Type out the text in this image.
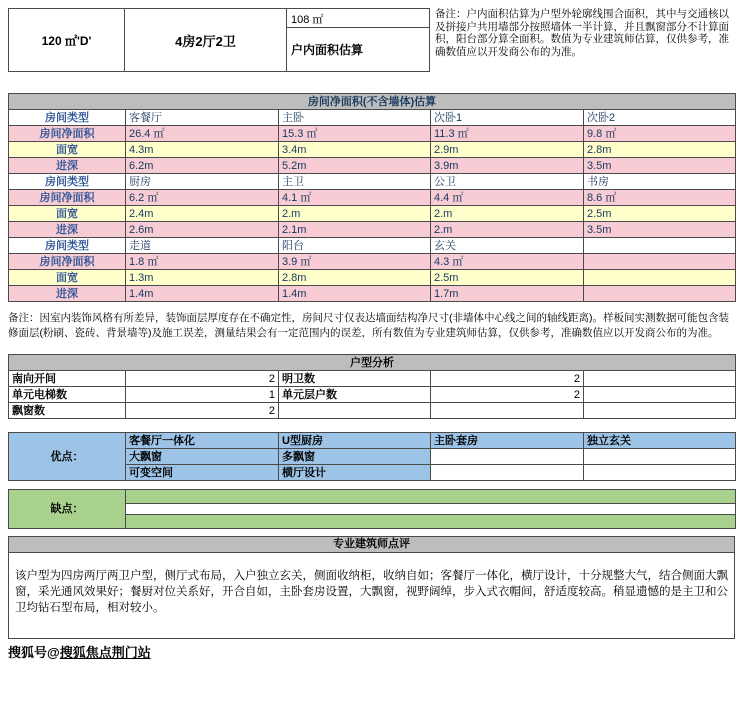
120 ㎡'D'	4房2厅2卫
108 ㎡
户内面积估算
备注：户内面积估算为户型外轮廓线围合面积，其中与交通核以及拼接户共用墙部分按照墙体一半计算，并且飘窗部分不计算面积，阳台部分算全面积。数值为专业建筑师估算，仅供参考，准确数值应以开发商公布的为准。
房间净面积(不含墙体)估算				
房间类型	客餐厅	主卧	次卧1	次卧2
房间净面积	26.4 ㎡	15.3 ㎡	11.3 ㎡	9.8 ㎡
面宽	4.3m	3.4m	2.9m	2.8m
进深	6.2m	5.2m	3.9m	3.5m
房间类型	厨房	主卫	公卫	书房
房间净面积	6.2 ㎡	4.1 ㎡	4.4 ㎡	8.6 ㎡
面宽	2.4m	2.m	2.m	2.5m
进深	2.6m	2.1m	2.m	3.5m
房间类型	走道	阳台	玄关	
房间净面积	1.8 ㎡	3.9 ㎡	4.3 ㎡	
面宽	1.3m	2.8m	2.5m	
进深	1.4m	1.4m	1.7m	
备注：因室内装饰风格有所差异，装饰面层厚度存在不确定性，房间尺寸仅表达墙面结构净尺寸(非墙体中心线之间的轴线距离)。样板间实测数据可能包含装修面层(粉刷、瓷砖、背景墙等)及施工误差，测量结果会有一定范围内的误差，所有数值为专业建筑师估算，仅供参考，准确数值应以开发商公布的为准。
户型分析				
南向开间	2	明卫数	2	
单元电梯数	1	单元层户数	2	
飘窗数	2			
优点：	客餐厅一体化	U型厨房	主卧套房	独立玄关
	大飘窗	多飘窗		
	可变空间	横厅设计		
缺点：	

专业建筑师点评

该户型为四房两厅两卫户型，侧厅式布局，入户独立玄关，侧面收纳柜，收纳自如；客餐厅一体化，横厅设计，十分规整大气，结合侧面大飘窗，采光通风效果好；餐厨对位关系好，开合自如，主卧套房设置，大飘窗，视野阔绰，步入式衣帽间，舒适度较高。稍显遗憾的是主卫和公卫均钻石型布局，相对较小。

搜狐号@搜狐焦点荆门站
